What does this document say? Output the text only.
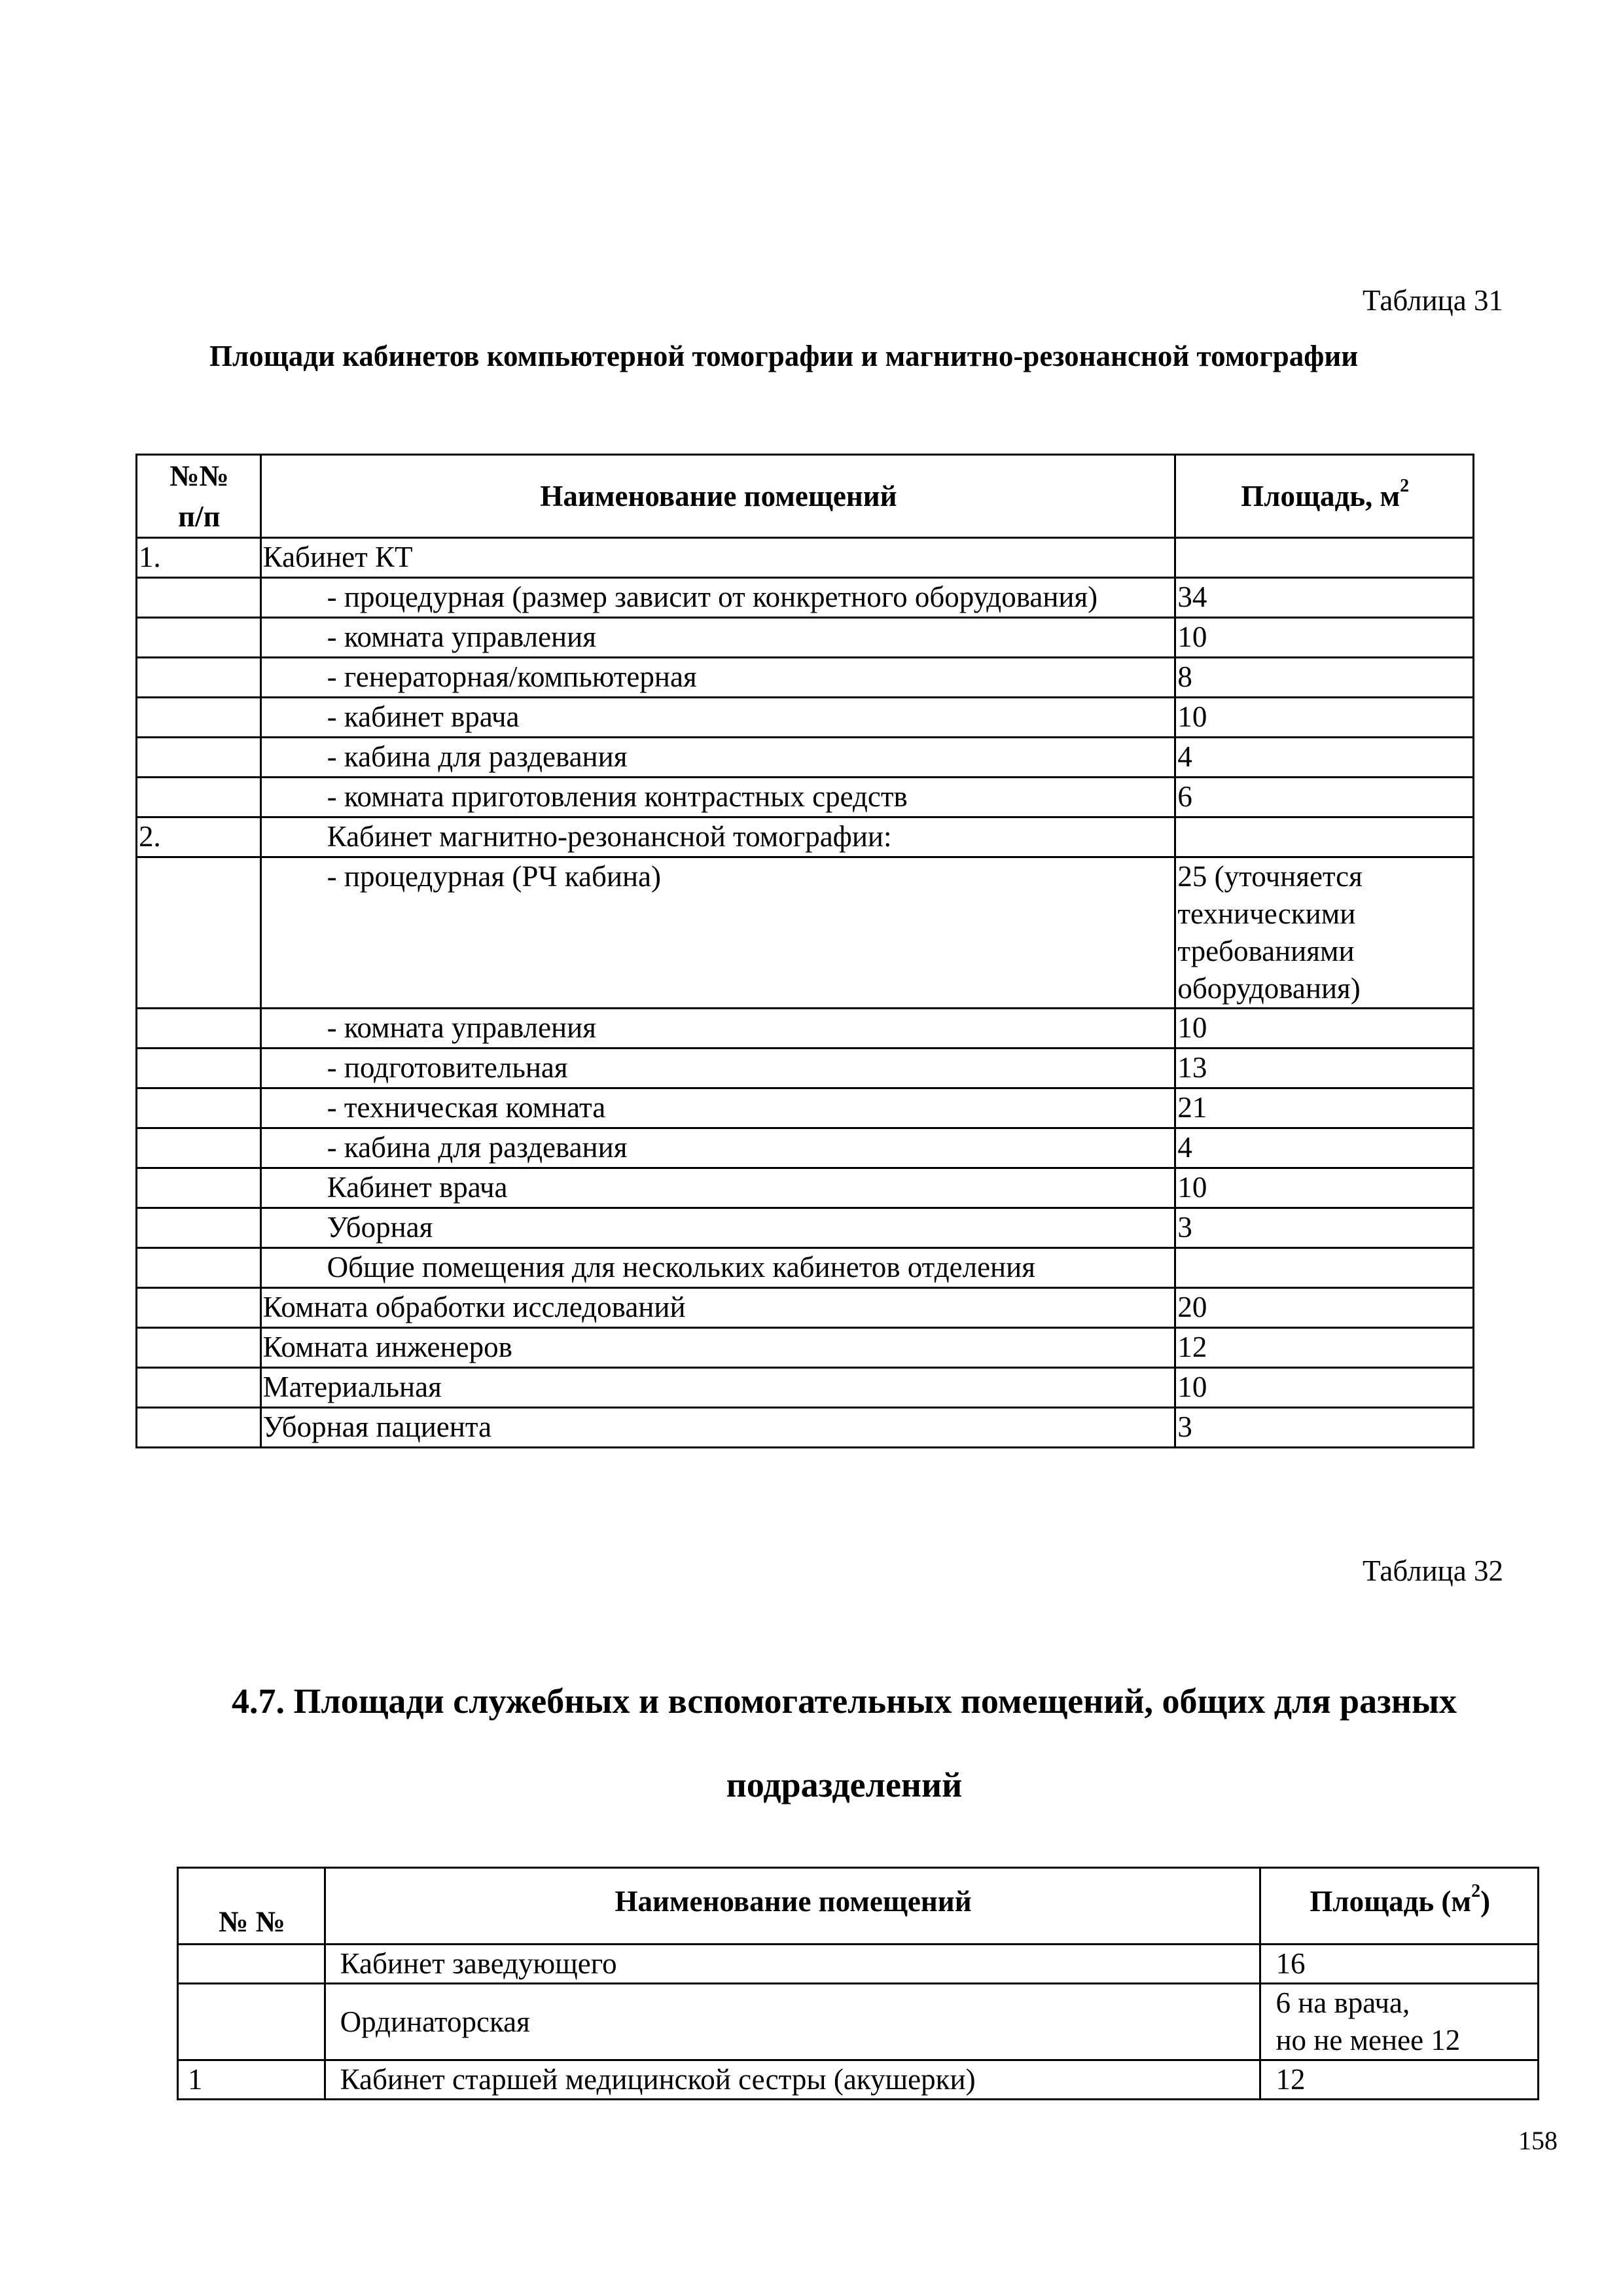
Таблица 31
Площади кабинетов компьютерной томографии и магнитно-резонансной томографии
№№
п/п	Наименование помещений	Площадь, $м^2$
1.	Кабинет КТ	
	- процедурная (размер зависит от конкретного оборудования)	34
	- комната управления	10
	- генераторная/компьютерная	8
	- кабинет врача	10
	- кабина для раздевания	4
	- комната приготовления контрастных средств	6
2.	Кабинет магнитно-резонансной томографии:	
	- процедурная (РЧ кабина)	25 (уточняется техническими требованиями оборудования)
	- комната управления	10
	- подготовительная	13
	- техническая комната	21
	- кабина для раздевания	4
	Кабинет врача	10
	Уборная	3
	Общие помещения для нескольких кабинетов отделения	
	Комната обработки исследований	20
	Комната инженеров	12
	Материальная	10
	Уборная пациента	3
Таблица 32
4.7. Площади служебных и вспомогательных помещений, общих для разных
подразделений
№ №	Наименование помещений	Площадь $(м^2)$
	Кабинет заведующего	16
	Ординаторская	6 на врача,
но не менее 12
1	Кабинет старшей медицинской сестры (акушерки)	12
158
